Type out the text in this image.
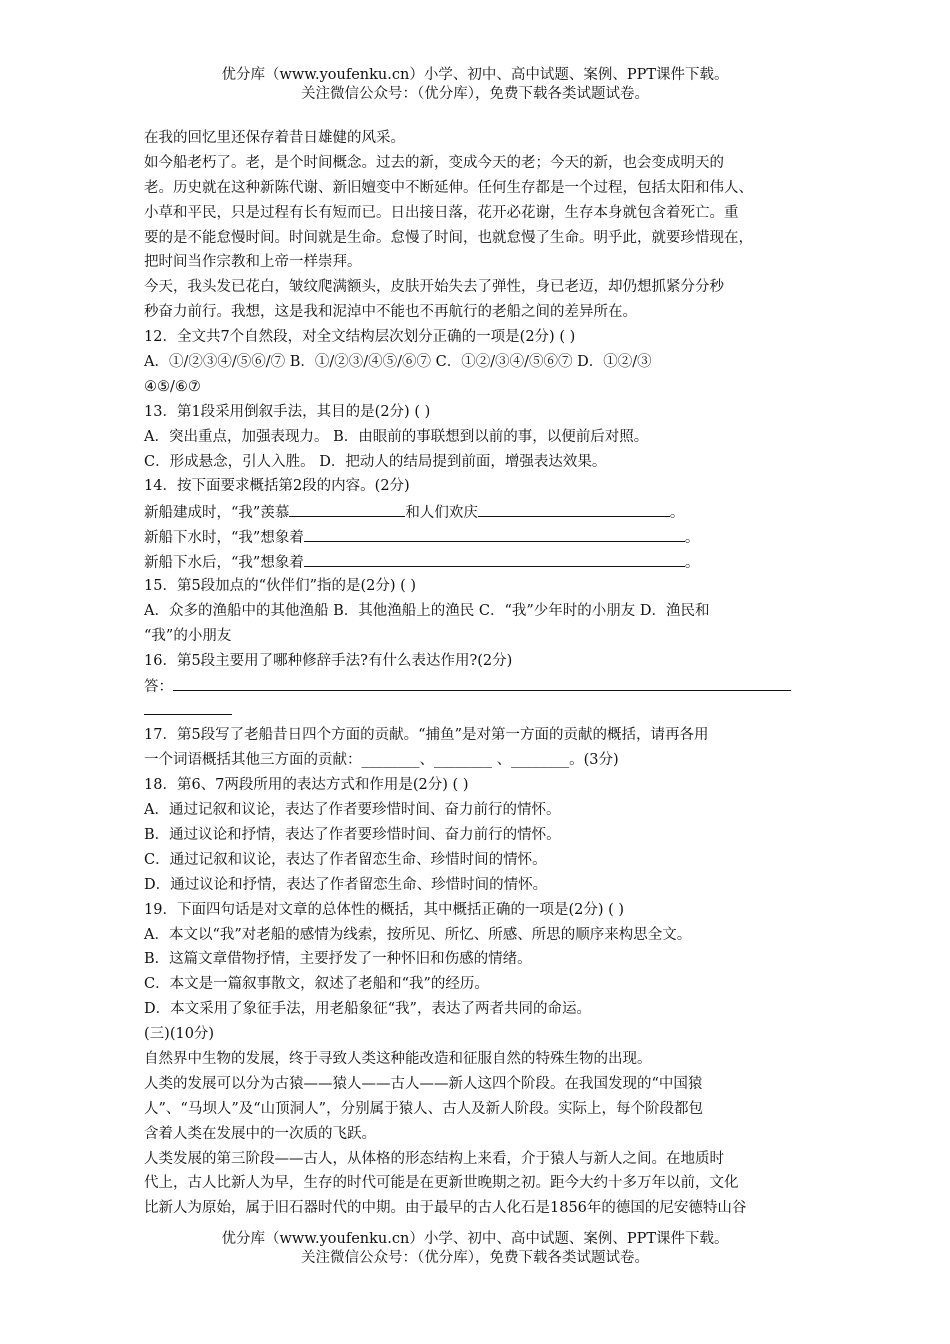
优分库（www.youfenku.cn）小学、初中、高中试题、案例、PPT课件下载。
关注微信公众号：（优分库），免费下载各类试题试卷。
在我的回忆里还保存着昔日雄健的风采。
如今船老朽了。老，是个时间概念。过去的新，变成今天的老；今天的新，也会变成明天的
老。历史就在这种新陈代谢、新旧嬗变中不断延伸。任何生存都是一个过程，包括太阳和伟人、
小草和平民，只是过程有长有短而已。日出接日落，花开必花谢，生存本身就包含着死亡。重
要的是不能怠慢时间。时间就是生命。怠慢了时间，也就怠慢了生命。明乎此，就要珍惜现在，
把时间当作宗教和上帝一样崇拜。
今天，我头发已花白，皱纹爬满额头，皮肤开始失去了弹性，身已老迈，却仍想抓紧分分秒
秒奋力前行。我想，这是我和泥淖中不能也不再航行的老船之间的差异所在。
12．全文共7个自然段，对全文结构层次划分正确的一项是(2分) ( )
A．①/②③④/⑤⑥/⑦ B．①/②③/④⑤/⑥⑦ C．①②/③④/⑤⑥⑦ D．①②/③
④⑤/⑥⑦
13．第1段采用倒叙手法，其目的是(2分) ( )
A．突出重点，加强表现力。 B．由眼前的事联想到以前的事，以便前后对照。
C．形成悬念，引人入胜。 D．把动人的结局提到前面，增强表达效果。
14．按下面要求概括第2段的内容。(2分)
新船建成时，“我”羡慕	和人们欢庆	。
新船下水时，“我”想象着	。
新船下水后，“我”想象着	。
15．第5段加点的“伙伴们”指的是(2分) ( )
A．众多的渔船中的其他渔船 B．其他渔船上的渔民 C．“我”少年时的小朋友 D．渔民和
“我”的小朋友
16．第5段主要用了哪种修辞手法?有什么表达作用?(2分)
答：
17．第5段写了老船昔日四个方面的贡献。“捕鱼”是对第一方面的贡献的概括，请再各用
一个词语概括其他三方面的贡献：________、________ 、________。(3分)
18．第6、7两段所用的表达方式和作用是(2分) ( )
A．通过记叙和议论，表达了作者要珍惜时间、奋力前行的情怀。
B．通过议论和抒情，表达了作者要珍惜时间、奋力前行的情怀。
C．通过记叙和议论，表达了作者留恋生命、珍惜时间的情怀。
D．通过议论和抒情，表达了作者留恋生命、珍惜时间的情怀。
19．下面四句话是对文章的总体性的概括，其中概括正确的一项是(2分) ( )
A．本文以“我”对老船的感情为线索，按所见、所忆、所感、所思的顺序来构思全文。
B．这篇文章借物抒情，主要抒发了一种怀旧和伤感的情绪。
C．本文是一篇叙事散文，叙述了老船和“我”的经历。
D．本文采用了象征手法，用老船象征“我”，表达了两者共同的命运。
(三)(10分)
自然界中生物的发展，终于寻致人类这种能改造和征服自然的特殊生物的出现。
人类的发展可以分为古猿——猿人——古人——新人这四个阶段。在我国发现的“中国猿
人”、“马坝人”及“山顶洞人”，分别属于猿人、古人及新人阶段。实际上，每个阶段都包
含着人类在发展中的一次质的飞跃。
人类发展的第三阶段——古人，从体格的形态结构上来看，介于猿人与新人之间。在地质时
代上，古人比新人为早，生存的时代可能是在更新世晚期之初。距今大约十多万年以前，文化
比新人为原始，属于旧石器时代的中期。由于最早的古人化石是1856年的德国的尼安德特山谷
优分库（www.youfenku.cn）小学、初中、高中试题、案例、PPT课件下载。
关注微信公众号：（优分库），免费下载各类试题试卷。
